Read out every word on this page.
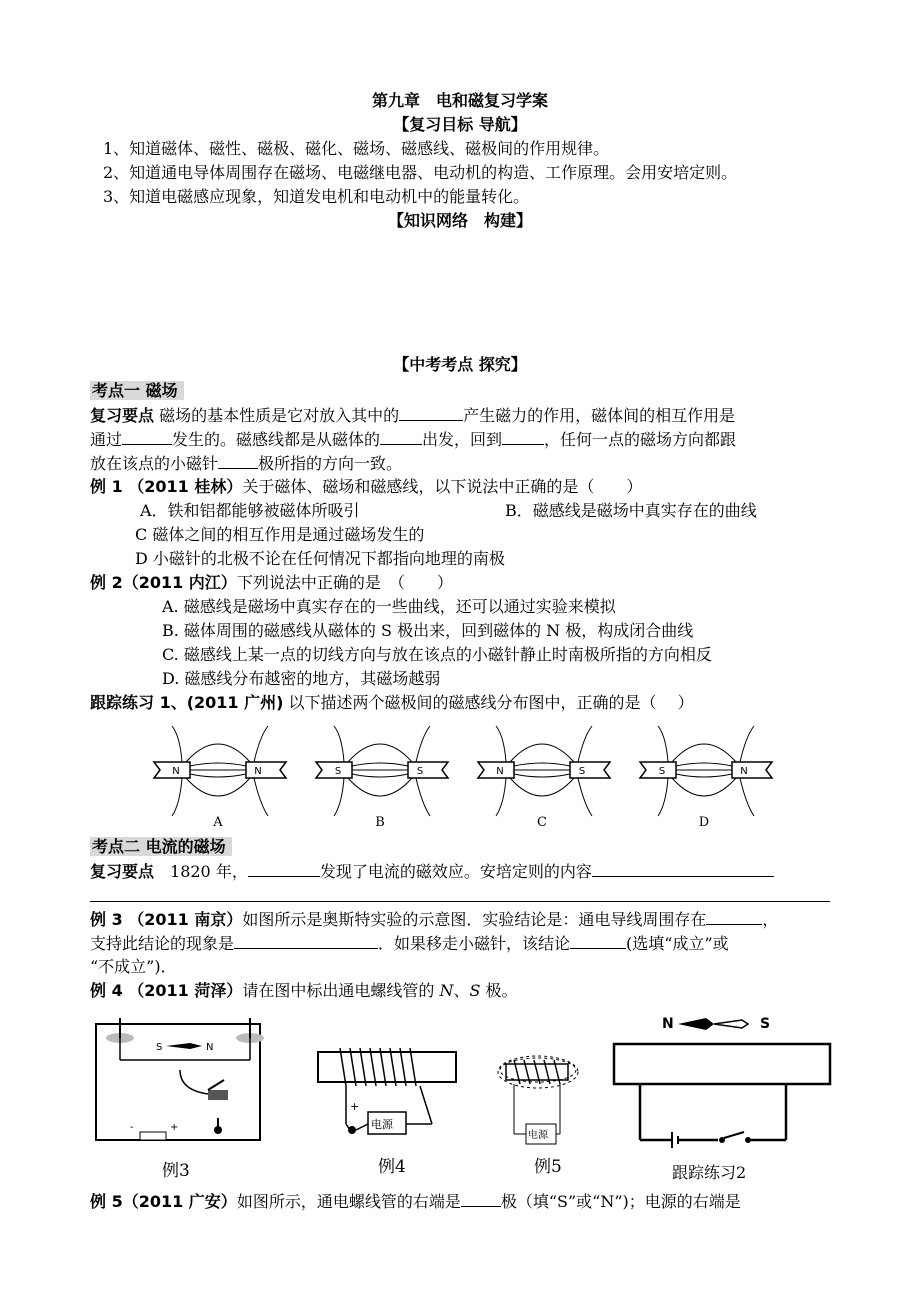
第九章　电和磁复习学案
【复习目标 导航】
1、知道磁体、磁性、磁极、磁化、磁场、磁感线、磁极间的作用规律。
2、知道通电导体周围存在磁场、电磁继电器、电动机的构造、工作原理。会用安培定则。
3、知道电磁感应现象，知道发电机和电动机中的能量转化。
【知识网络　构建】
【中考考点 探究】
考点一 磁场
复习要点 磁场的基本性质是它对放入其中的	产生磁力的作用，磁体间的相互作用是
通过	发生的。磁感线都是从磁体的	出发，回到	，任何一点的磁场方向都跟
放在该点的小磁针	极所指的方向一致。
例 1 （2011 桂林）关于磁体、磁场和磁感线，以下说法中正确的是（　　）
A．铁和铝都能够被磁体所吸引	B．磁感线是磁场中真实存在的曲线
C 磁体之间的相互作用是通过磁场发生的
D 小磁针的北极不论在任何情况下都指向地理的南极
例 2（2011 内江）下列说法中正确的是　（　　）
A. 磁感线是磁场中真实存在的一些曲线，还可以通过实验来模拟
B. 磁体周围的磁感线从磁体的 S 极出来，回到磁体的 N 极，构成闭合曲线
C. 磁感线上某一点的切线方向与放在该点的小磁针静止时南极所指的方向相反
D. 磁感线分布越密的地方，其磁场越弱
跟踪练习 1、(2011 广州) 以下描述两个磁极间的磁感线分布图中，正确的是（　 ）
N	N
A
S	S
B
N	S
C
S	N
D
考点二 电流的磁场
复习要点　1820 年，	发现了电流的磁效应。安培定则的内容
例 3 （2011 南京）如图所示是奥斯特实验的示意图．实验结论是：通电导线周围存在	，
支持此结论的现象是	．如果移走小磁针，该结论	(选填“成立”或
“不成立”)．
例 4 （2011 菏泽）请在图中标出通电螺线管的 N、S 极。
S	N
-	+
例3
电源
+
例4
电源
例5
N	S
跟踪练习2
例 5（2011 广安）如图所示，通电螺线管的右端是	极（填“S”或“N”)；电源的右端是
